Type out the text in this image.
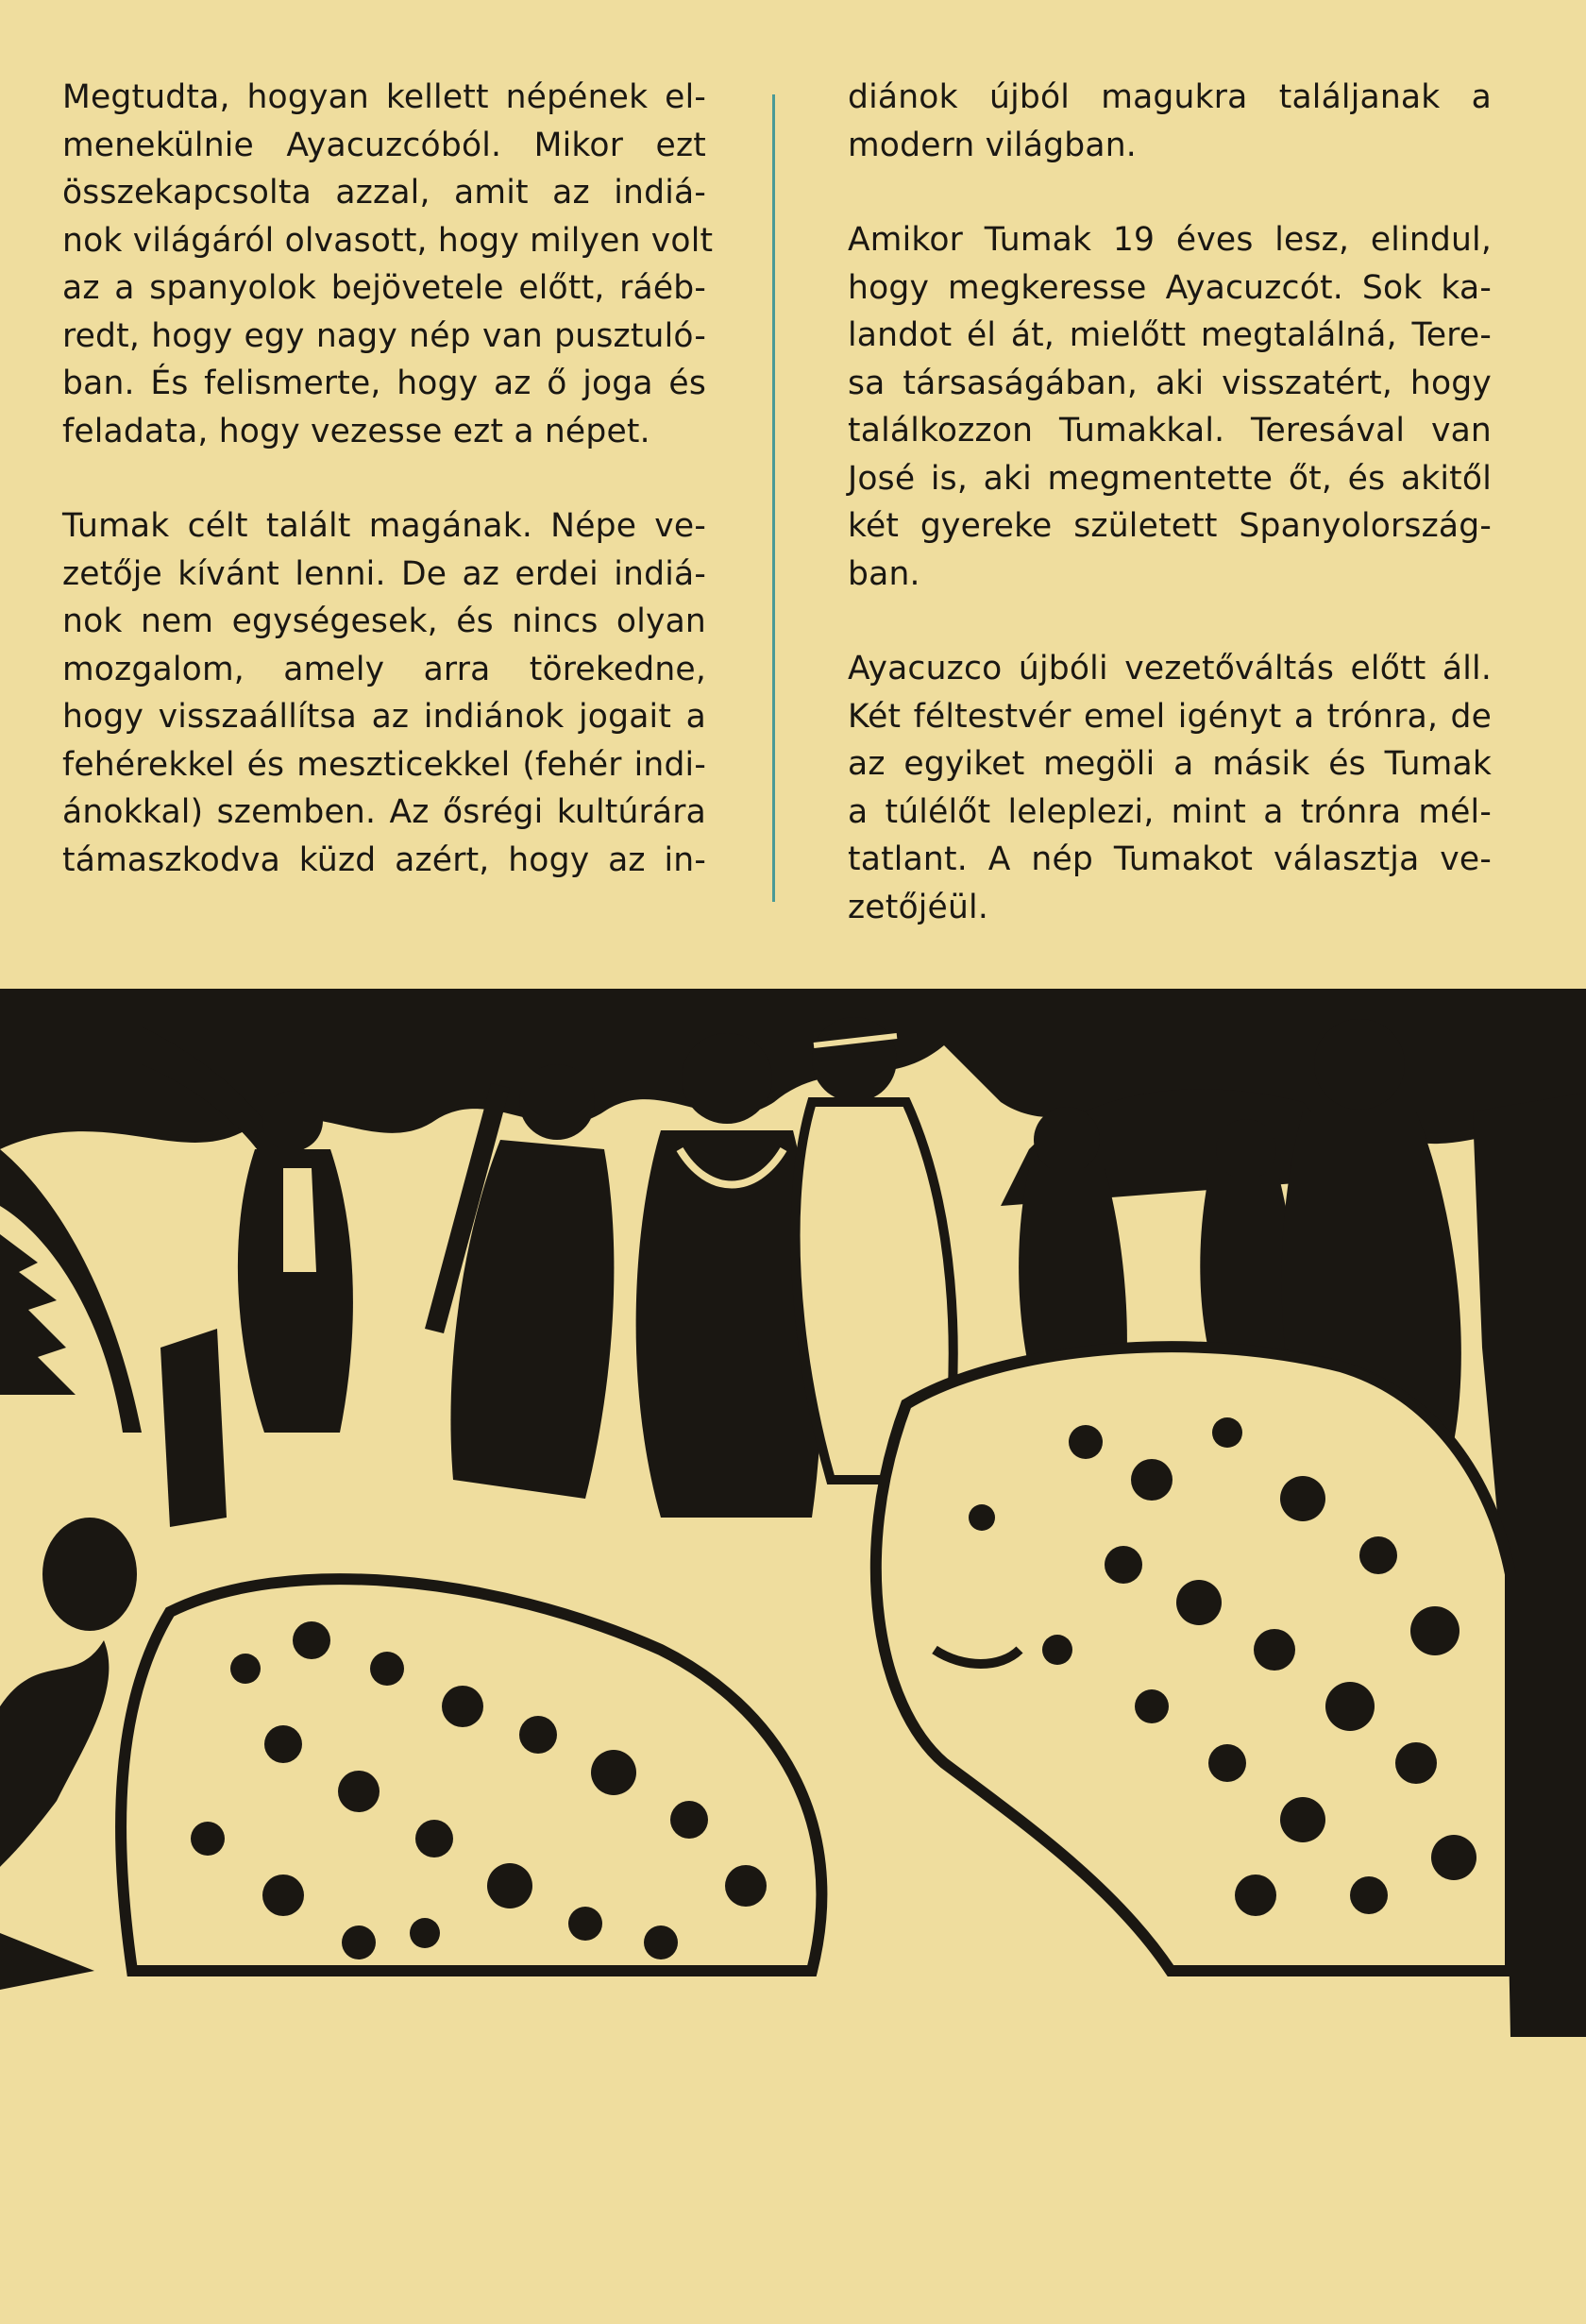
Megtudta, hogyan kellett népének el-
menekülnie Ayacuzcóból. Mikor ezt
összekapcsolta azzal, amit az indiá-
nok világáról olvasott, hogy milyen volt
az a spanyolok bejövetele előtt, ráéb-
redt, hogy egy nagy nép van pusztuló-
ban. És felismerte, hogy az ő joga és
feladata, hogy vezesse ezt a népet.
Tumak célt talált magának. Népe ve-
zetője kívánt lenni. De az erdei indiá-
nok nem egységesek, és nincs olyan
mozgalom, amely arra törekedne,
hogy visszaállítsa az indiánok jogait a
fehérekkel és meszticekkel (fehér indi-
ánokkal) szemben. Az ősrégi kultúrára
támaszkodva küzd azért, hogy az in-
diánok újból magukra találjanak a
modern világban.
Amikor Tumak 19 éves lesz, elindul,
hogy megkeresse Ayacuzcót. Sok ka-
landot él át, mielőtt megtalálná, Tere-
sa társaságában, aki visszatért, hogy
találkozzon Tumakkal. Teresával van
José is, aki megmentette őt, és akitől
két gyereke született Spanyolország-
ban.
Ayacuzco újbóli vezetőváltás előtt áll.
Két féltestvér emel igényt a trónra, de
az egyiket megöli a másik és Tumak
a túlélőt leleplezi, mint a trónra mél-
tatlant. A nép Tumakot választja ve-
zetőjéül.
